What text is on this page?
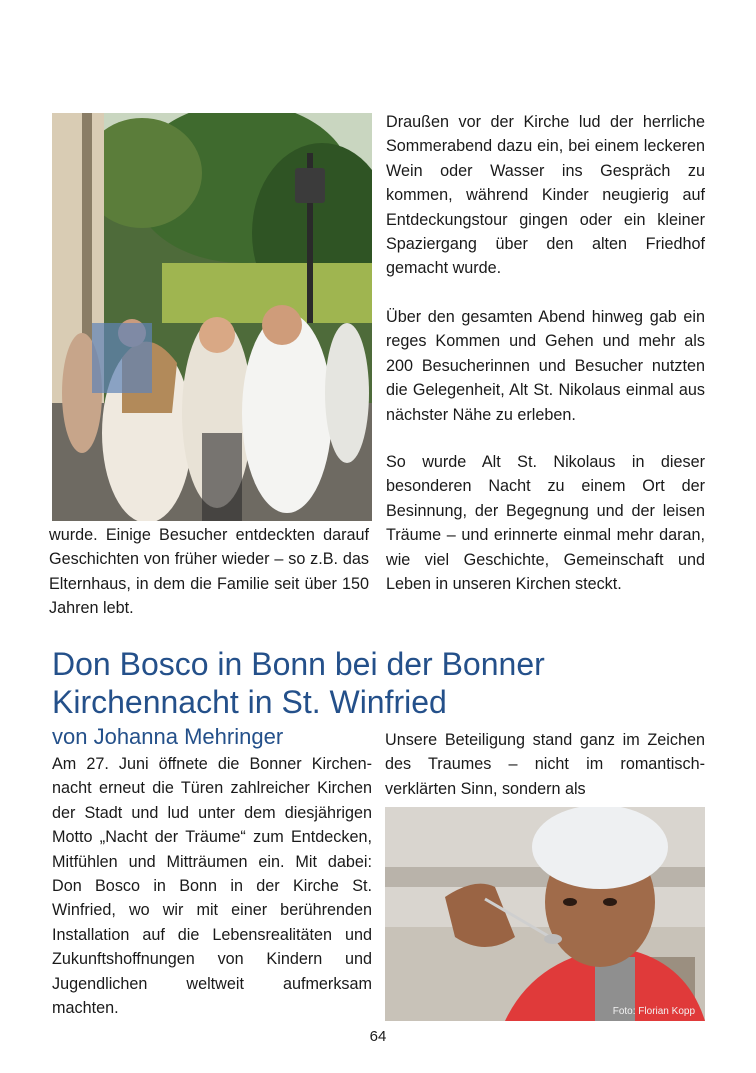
Draußen vor der Kirche lud der herrliche Sommerabend dazu ein, bei einem leckeren Wein oder Wasser ins Gespräch zu kommen, während Kinder neugierig auf Entdeckungstour gingen oder ein kleiner Spaziergang über den alten Friedhof gemacht wurde.

Über den gesamten Abend hinweg gab ein reges Kommen und Gehen und mehr als 200 Besucherinnen und Besucher nutzten die Gelegenheit, Alt St. Nikolaus einmal aus nächster Nähe zu erleben.

So wurde Alt St. Nikolaus in dieser besonderen Nacht zu einem Ort der Besinnung, der Begegnung und der leisen Träume – und erinnerte einmal mehr daran, wie viel Geschichte, Gemeinschaft und Leben in unseren Kirchen steckt.

wurde. Einige Besucher entdeckten darauf Geschichten von früher wieder – so z.B. das Elternhaus, in dem die Familie seit über 150 Jahren lebt.

Don Bosco in Bonn bei der Bonner Kirchennacht in St. Winfried
von Johanna Mehringer

Am 27. Juni öffnete die Bonner Kirchennacht erneut die Türen zahlreicher Kirchen der Stadt und lud unter dem diesjährigen Motto „Nacht der Träume“ zum Entdecken, Mitfühlen und Mitträumen ein. Mit dabei: Don Bosco in Bonn in der Kirche St. Winfried, wo wir mit einer berührenden Installation auf die Lebensrealitäten und Zukunftshoffnungen von Kindern und Jugendlichen weltweit aufmerksam machten.

Unsere Beteiligung stand ganz im Zeichen des Traumes – nicht im romantisch-verklärten Sinn, sondern als

Foto: Florian Kopp
64
